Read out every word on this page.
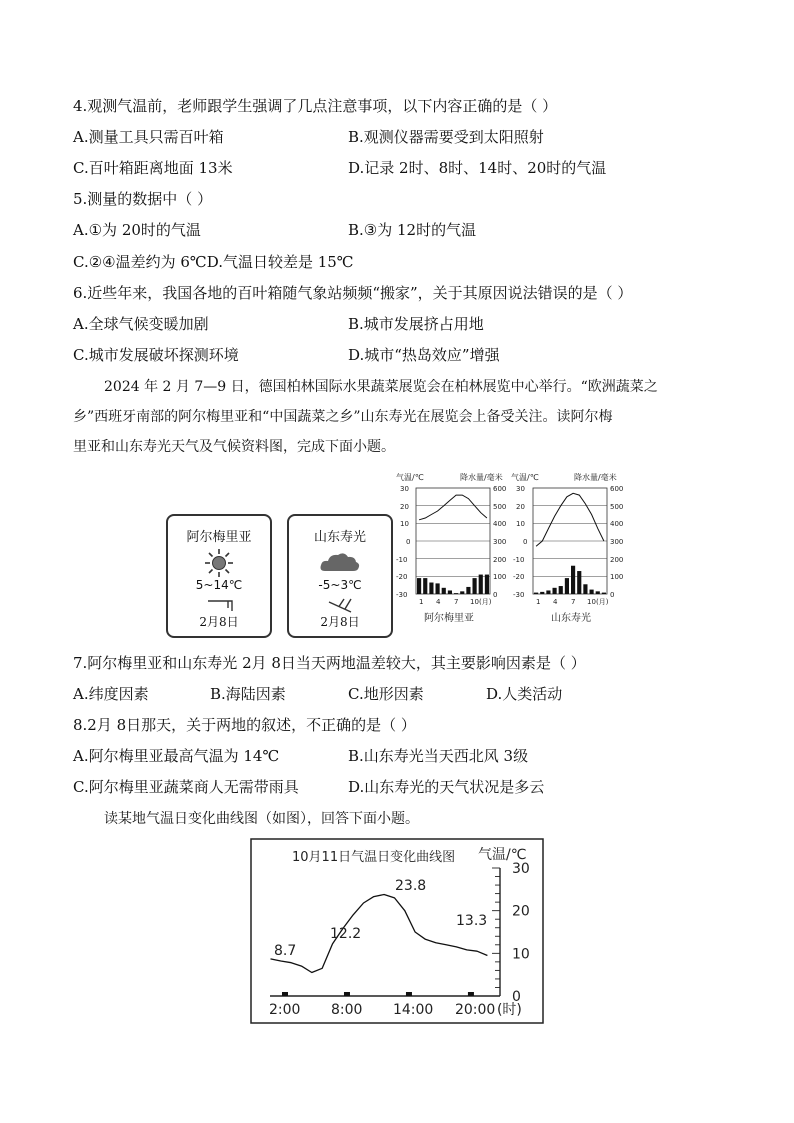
4.观测气温前，老师跟学生强调了几点注意事项，以下内容正确的是（ ）
A.测量工具只需百叶箱	B.观测仪器需要受到太阳照射
C.百叶箱距离地面 13米	D.记录 2时、8时、14时、20时的气温
5.测量的数据中（ ）
A.①为 20时的气温	B.③为 12时的气温
C.②④温差约为 6℃D.气温日较差是 15℃
6.近些年来，我国各地的百叶箱随气象站频频“搬家”，关于其原因说法错误的是（ ）
A.全球气候变暖加剧	B.城市发展挤占用地
C.城市发展破坏探测环境	D.城市“热岛效应”增强
2024 年 2 月 7—9 日，德国柏林国际水果蔬菜展览会在柏林展览中心举行。“欧洲蔬菜之
乡”西班牙南部的阿尔梅里亚和“中国蔬菜之乡”山东寿光在展览会上备受关注。读阿尔梅
里亚和山东寿光天气及气候资料图，完成下面小题。
阿尔梅里亚
5~14℃
2月8日
山东寿光
-5~3℃
2月8日
气温/℃	降水量/毫米 气温/℃	降水量/毫米
30
20
10
0
-10
-20
-30
600
500
400
300
200
100
0
30
20
10
0
-10
-20
-30
600
500
400
300
200
100
0
1 4 7 10 (月)	1 4 7 10 (月)
阿尔梅里亚	山东寿光
7.阿尔梅里亚和山东寿光 2月 8日当天两地温差较大，其主要影响因素是（ ）
A.纬度因素	B.海陆因素	C.地形因素	D.人类活动
8.2月 8日那天，关于两地的叙述，不正确的是（ ）
A.阿尔梅里亚最高气温为 14℃	B.山东寿光当天西北风 3级
C.阿尔梅里亚蔬菜商人无需带雨具	D.山东寿光的天气状况是多云
读某地气温日变化曲线图（如图），回答下面小题。
10月11日气温日变化曲线图 气温/℃
0
10
20
30
2:00 8:00 14:00 20:00 (时)
8.7
12.2
23.8
13.3
